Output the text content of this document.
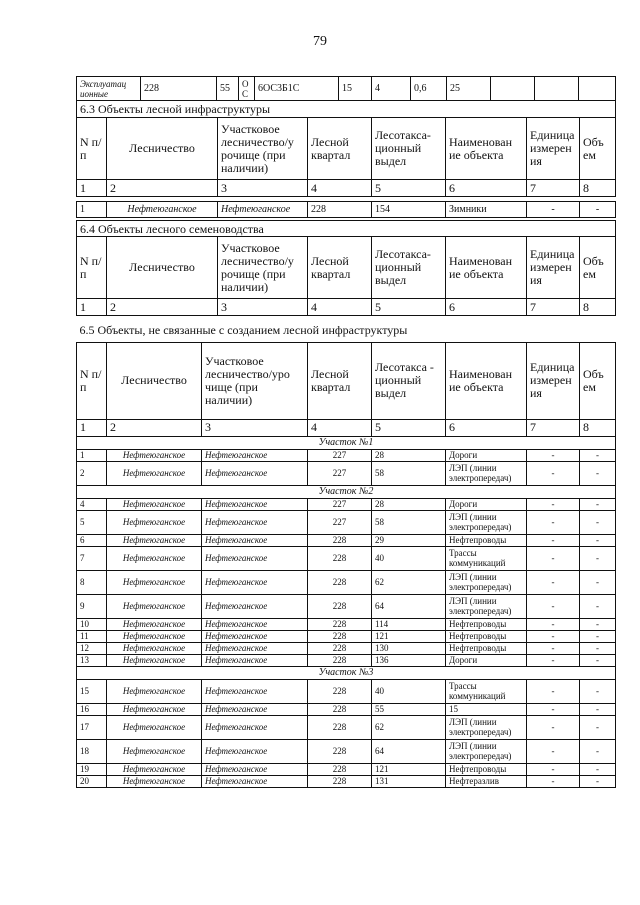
79
Эксплуатац ионные	228	55	О С	6ОС3Б1С	15	4	0,6	25			
6.3 Объекты лесной инфраструктуры							
N п/п	Лесничество	Участковое лесничество/у рочище (при наличии)	Лесной квартал	Лесотакса- ционный выдел	Наименован ие объекта	Единица измерен ия	Объ ем
1	2	3	4	5	6	7	8

1	Нефтеюганское	Нефтеюганское	228	154	Зимники	-	-
6.4 Объекты лесного семеноводства							
N п/п	Лесничество	Участковое лесничество/у рочище (при наличии)	Лесной квартал	Лесотакса- ционный выдел	Наименован ие объекта	Единица измерен ия	Объ ем
1	2	3	4	5	6	7	8
6.5 Объекты, не связанные с созданием лесной инфраструктуры							
N п/п	Лесничество	Участковое лесничество/уро чище (при наличии)	Лесной квартал	Лесотакса - ционный выдел	Наименован ие объекта	Единица измерен ия	Объ ем
1	2	3	4	5	6	7	8
Участок №1							
1	Нефтеюганское	Нефтеюганское	227	28	Дороги	-	-
2	Нефтеюганское	Нефтеюганское	227	58	ЛЭП (линии электропередач)	-	-
Участок №2							
4	Нефтеюганское	Нефтеюганское	227	28	Дороги	-	-
5	Нефтеюганское	Нефтеюганское	227	58	ЛЭП (линии электропередач)	-	-
6	Нефтеюганское	Нефтеюганское	228	29	Нефтепроводы	-	-
7	Нефтеюганское	Нефтеюганское	228	40	Трассы коммуникаций	-	-
8	Нефтеюганское	Нефтеюганское	228	62	ЛЭП (линии электропередач)	-	-
9	Нефтеюганское	Нефтеюганское	228	64	ЛЭП (линии электропередач)	-	-
10	Нефтеюганское	Нефтеюганское	228	114	Нефтепроводы	-	-
11	Нефтеюганское	Нефтеюганское	228	121	Нефтепроводы	-	-
12	Нефтеюганское	Нефтеюганское	228	130	Нефтепроводы	-	-
13	Нефтеюганское	Нефтеюганское	228	136	Дороги	-	-
Участок №3							
15	Нефтеюганское	Нефтеюганское	228	40	Трассы коммуникаций	-	-
16	Нефтеюганское	Нефтеюганское	228	55	15	-	-
17	Нефтеюганское	Нефтеюганское	228	62	ЛЭП (линии электропередач)	-	-
18	Нефтеюганское	Нефтеюганское	228	64	ЛЭП (линии электропередач)	-	-
19	Нефтеюганское	Нефтеюганское	228	121	Нефтепроводы	-	-
20	Нефтеюганское	Нефтеюганское	228	131	Нефтеразлив	-	-
